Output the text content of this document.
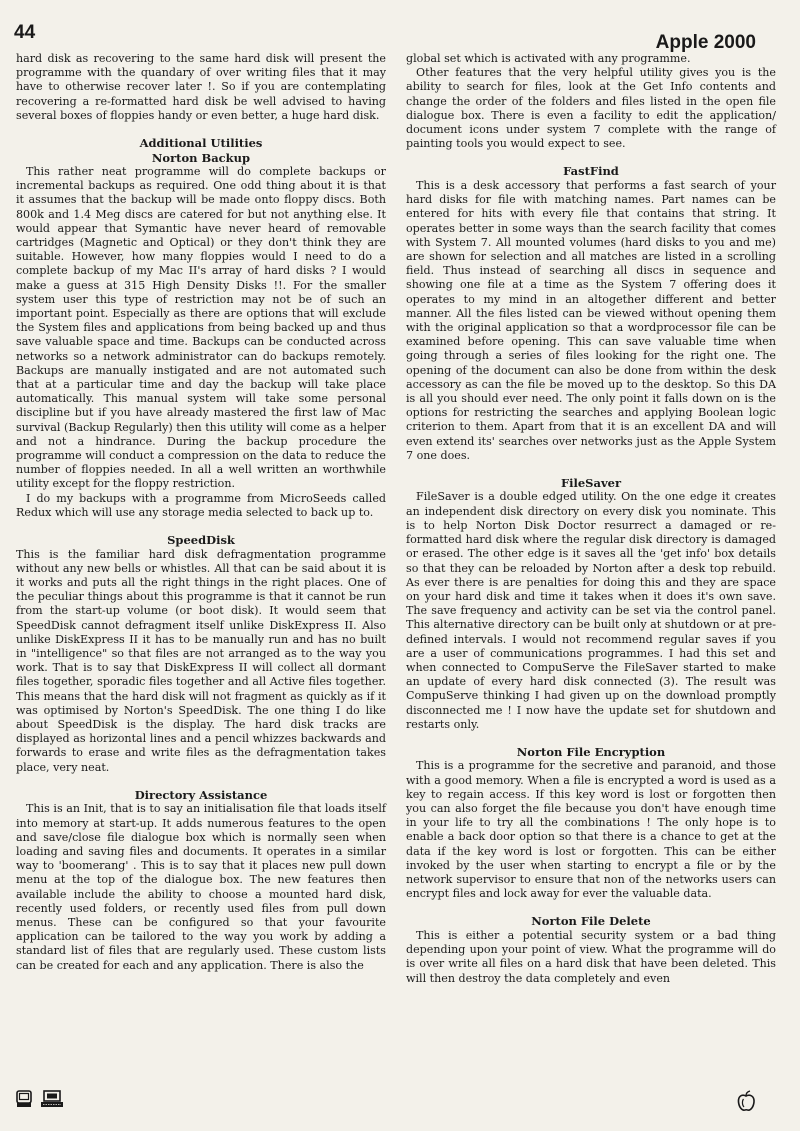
44	Apple 2000

hard disk as recovering to the same hard disk will present the programme with the quandary of over writing files that it may have to otherwise recover later !. So if you are contemplating recovering a re-formatted hard disk be well advised to having several boxes of floppies handy or even better, a huge hard disk.

Additional Utilities

Norton Backup

This rather neat programme will do complete backups or incremental backups as required. One odd thing about it is that it assumes that the backup will be made onto floppy discs. Both 800k and 1.4 Meg discs are catered for but not anything else. It would appear that Symantic have never heard of removable cartridges (Magnetic and Optical) or they don't think they are suitable. However, how many floppies would I need to do a complete backup of my Mac II's array of hard disks ? I would make a guess at 315 High Density Disks !!. For the smaller system user this type of restriction may not be of such an important point. Especially as there are options that will exclude the System files and applications from being backed up and thus save valuable space and time. Backups can be conducted across networks so a network administrator can do backups remotely. Backups are manually instigated and are not automated such that at a particular time and day the backup will take place automatically. This manual system will take some personal discipline but if you have already mastered the first law of Mac survival (Backup Regularly) then this utility will come as a helper and not a hindrance. During the backup procedure the programme will conduct a compression on the data to reduce the number of floppies needed. In all a well written an worthwhile utility except for the floppy restriction.

I do my backups with a programme from MicroSeeds called Redux which will use any storage media selected to back up to.

SpeedDisk

This is the familiar hard disk defragmentation programme without any new bells or whistles. All that can be said about it is it works and puts all the right things in the right places. One of the peculiar things about this programme is that it cannot be run from the start-up volume (or boot disk). It would seem that SpeedDisk cannot defragment itself unlike DiskExpress II. Also unlike DiskExpress II it has to be manually run and has no built in "intelligence" so that files are not arranged as to the way you work. That is to say that DiskExpress II will collect all dormant files together, sporadic files together and all Active files together. This means that the hard disk will not fragment as quickly as if it was optimised by Norton's SpeedDisk. The one thing I do like about SpeedDisk is the display. The hard disk tracks are displayed as horizontal lines and a pencil whizzes backwards and forwards to erase and write files as the defragmentation takes place, very neat.

Directory Assistance

This is an Init, that is to say an initialisation file that loads itself into memory at start-up. It adds numerous features to the open and save/close file dialogue box which is normally seen when loading and saving files and documents. It operates in a similar way to 'boomerang' . This is to say that it places new pull down menu at the top of the dialogue box. The new features then available include the ability to choose a mounted hard disk, recently used folders, or recently used files from pull down menus. These can be configured so that your favourite application can be tailored to the way you work by adding a standard list of files that are regularly used. These custom lists can be created for each and any application. There is also the

global set which is activated with any programme.

Other features that the very helpful utility gives you is the ability to search for files, look at the Get Info contents and change the order of the folders and files listed in the open file dialogue box. There is even a facility to edit the application/ document icons under system 7 complete with the range of painting tools you would expect to see.

FastFind

This is a desk accessory that performs a fast search of your hard disks for file with matching names. Part names can be entered for hits with every file that contains that string. It operates better in some ways than the search facility that comes with System 7. All mounted volumes (hard disks to you and me) are shown for selection and all matches are listed in a scrolling field. Thus instead of searching all discs in sequence and showing one file at a time as the System 7 offering does it operates to my mind in an altogether different and better manner. All the files listed can be viewed without opening them with the original application so that a wordprocessor file can be examined before opening. This can save valuable time when going through a series of files looking for the right one. The opening of the document can also be done from within the desk accessory as can the file be moved up to the desktop. So this DA is all you should ever need. The only point it falls down on is the options for restricting the searches and applying Boolean logic criterion to them. Apart from that it is an excellent DA and will even extend its' searches over networks just as the Apple System 7 one does.

FileSaver

FileSaver is a double edged utility. On the one edge it creates an independent disk directory on every disk you nominate. This is to help Norton Disk Doctor resurrect a damaged or re-formatted hard disk where the regular disk directory is damaged or erased. The other edge is it saves all the 'get info' box details so that they can be reloaded by Norton after a desk top rebuild. As ever there is are penalties for doing this and they are space on your hard disk and time it takes when it does it's own save. The save frequency and activity can be set via the control panel. This alternative directory can be built only at shutdown or at pre-defined intervals. I would not recommend regular saves if you are a user of communications programmes. I had this set and when connected to CompuServe the FileSaver started to make an update of every hard disk connected (3). The result was CompuServe thinking I had given up on the download promptly disconnected me ! I now have the update set for shutdown and restarts only.

Norton File Encryption

This is a programme for the secretive and paranoid, and those with a good memory. When a file is encrypted a word is used as a key to regain access. If this key word is lost or forgotten then you can also forget the file because you don't have enough time in your life to try all the combinations ! The only hope is to enable a back door option so that there is a chance to get at the data if the key word is lost or forgotten. This can be either invoked by the user when starting to encrypt a file or by the network supervisor to ensure that non of the networks users can encrypt files and lock away for ever the valuable data.

Norton File Delete

This is either a potential security system or a bad thing depending upon your point of view. What the programme will do is over write all files on a hard disk that have been deleted. This will then destroy the data completely and even
